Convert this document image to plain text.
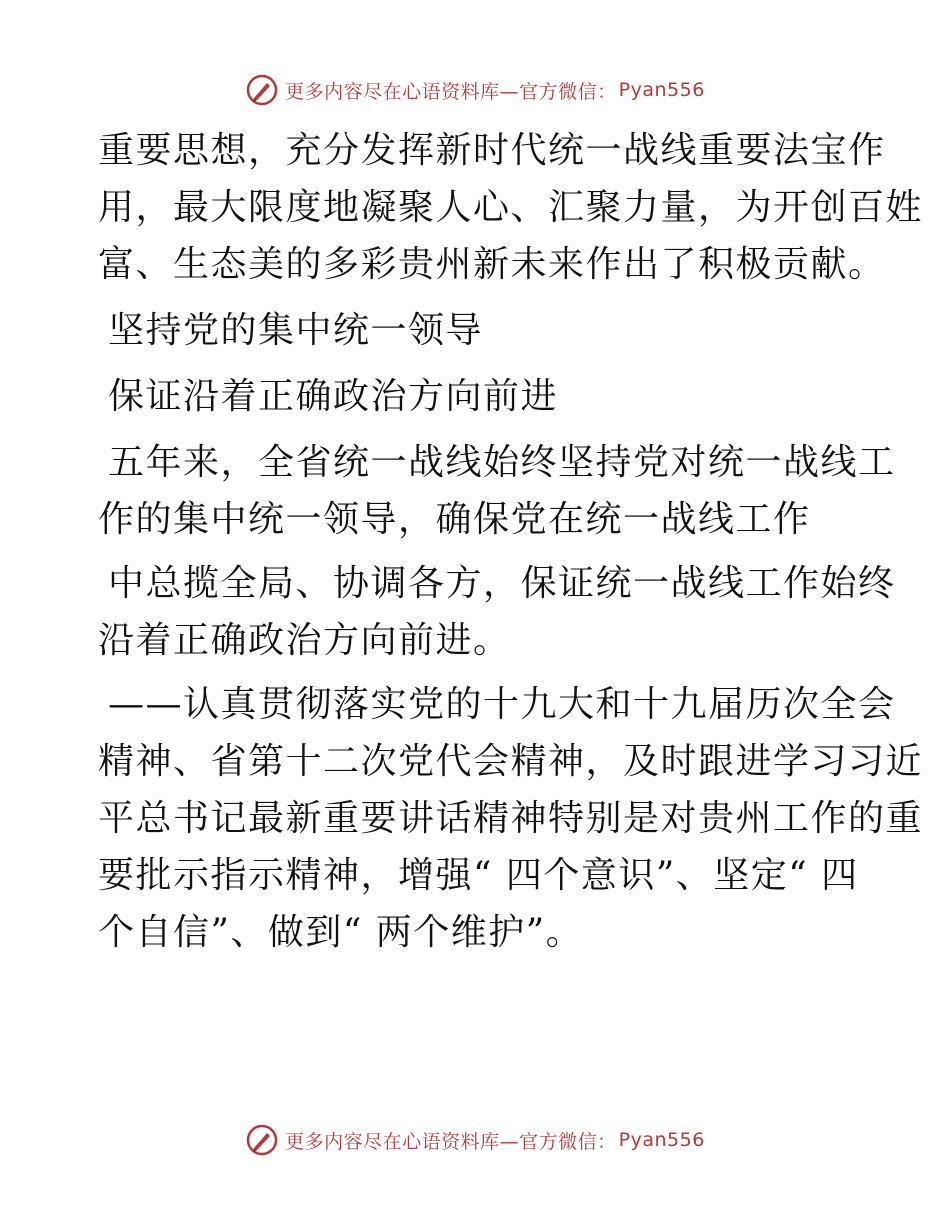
更多内容尽在心语资料库—官方微信： Pyan556

重要思想，充分发挥新时代统一战线重要法宝作

用，最大限度地凝聚人心、汇聚力量，为开创百姓

富、生态美的多彩贵州新未来作出了积极贡献。

坚持党的集中统一领导

保证沿着正确政治方向前进

五年来，全省统一战线始终坚持党对统一战线工

作的集中统一领导，确保党在统一战线工作

中总揽全局、协调各方，保证统一战线工作始终

沿着正确政治方向前进。

——认真贯彻落实党的十九大和十九届历次全会

精神、省第十二次党代会精神，及时跟进学习习近

平总书记最新重要讲话精神特别是对贵州工作的重

要批示指示精神，增强“ 四个意识”、坚定“ 四

个自信”、做到“ 两个维护”。

更多内容尽在心语资料库—官方微信： Pyan556
